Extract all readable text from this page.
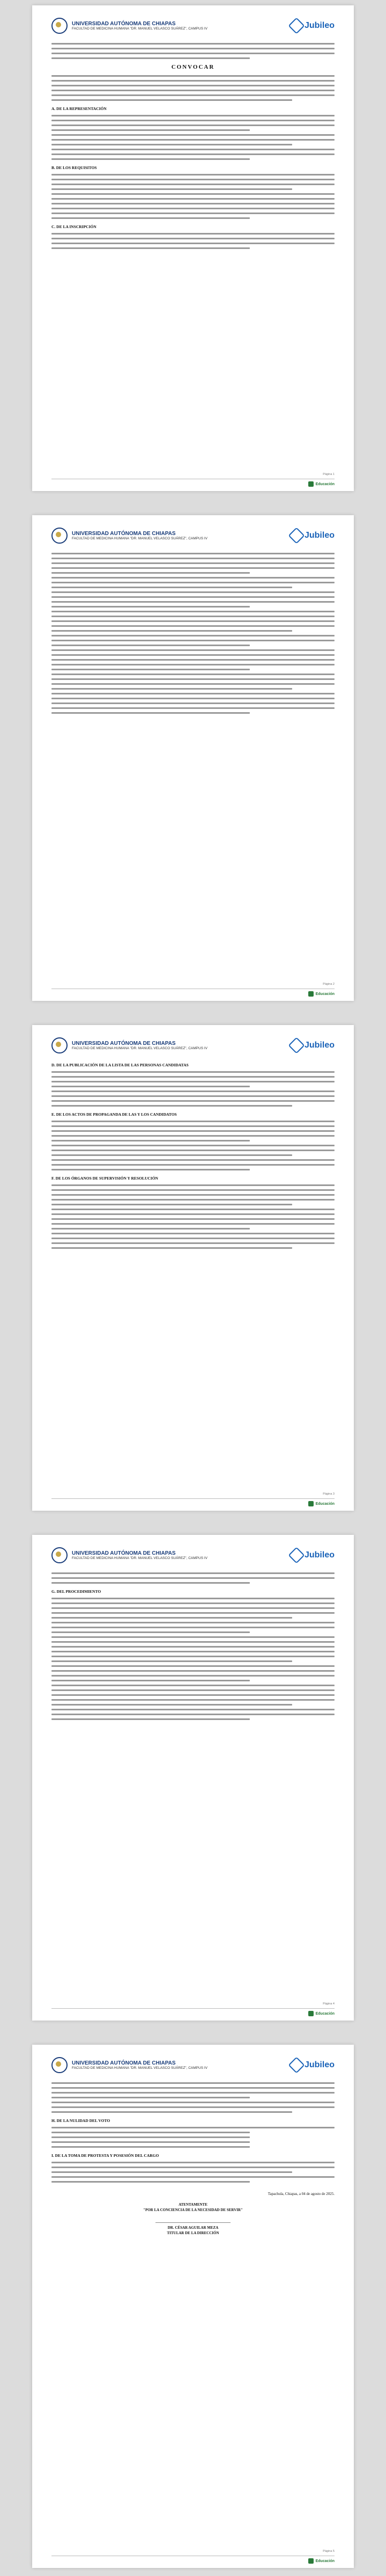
UNIVERSIDAD AUTÓNOMA DE CHIAPAS
FACULTAD DE MEDICINA HUMANA "DR. MANUEL VELASCO SUÁREZ", CAMPUS IV	Jubileo
CONVOCAR
A. DE LA REPRESENTACIÓN
B. DE LOS REQUISITOS
C. DE LA INSCRIPCIÓN
Página 1
Educación
UNIVERSIDAD AUTÓNOMA DE CHIAPAS
FACULTAD DE MEDICINA HUMANA "DR. MANUEL VELASCO SUÁREZ", CAMPUS IV	Jubileo
Página 2
Educación
UNIVERSIDAD AUTÓNOMA DE CHIAPAS
FACULTAD DE MEDICINA HUMANA "DR. MANUEL VELASCO SUÁREZ", CAMPUS IV	Jubileo
D. DE LA PUBLICACIÓN DE LA LISTA DE LAS PERSONAS CANDIDATAS
E. DE LOS ACTOS DE PROPAGANDA DE LAS Y LOS CANDIDATOS
F. DE LOS ÓRGANOS DE SUPERVISIÓN Y RESOLUCIÓN
Página 3
Educación
UNIVERSIDAD AUTÓNOMA DE CHIAPAS
FACULTAD DE MEDICINA HUMANA "DR. MANUEL VELASCO SUÁREZ", CAMPUS IV	Jubileo
G. DEL PROCEDIMIENTO
Página 4
Educación
UNIVERSIDAD AUTÓNOMA DE CHIAPAS
FACULTAD DE MEDICINA HUMANA "DR. MANUEL VELASCO SUÁREZ", CAMPUS IV	Jubileo
H. DE LA NULIDAD DEL VOTO
I. DE LA TOMA DE PROTESTA Y POSESIÓN DEL CARGO
Tapachula, Chiapas, a 04 de agosto de 2025.
ATENTAMENTE
"POR LA CONCIENCIA DE LA NECESIDAD DE SERVIR"
DR. CÉSAR AGUILAR MEZA
TITULAR DE LA DIRECCIÓN
Página 5
Educación
